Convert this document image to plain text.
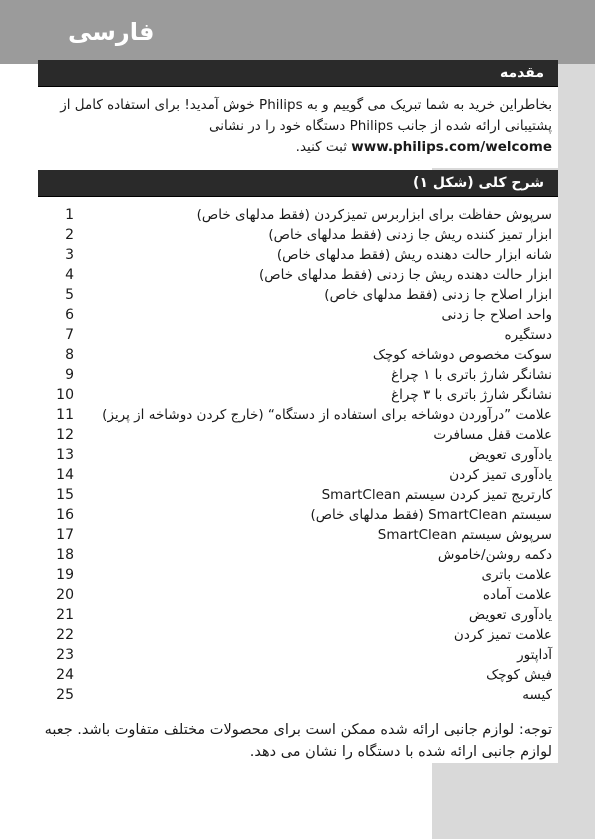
فارسی
مقدمه
بخاطراین خرید به شما تبریک می گوییم و به Philips خوش آمدید! برای استفاده کامل از پشتیبانی ارائه شده از جانب Philips دستگاه خود را در نشانی www.philips.com/welcome ثبت کنید.
شرح کلی (شکل ۱)
1	سرپوش حفاظت برای ابزاربرس تمیزکردن (فقط مدلهای خاص)
2	ابزار تمیز کننده ریش جا زدنی (فقط مدلهای خاص)
3	شانه ابزار حالت دهنده ریش (فقط مدلهای خاص)
4	ابزار حالت دهنده ریش جا زدنی (فقط مدلهای خاص)
5	ابزار اصلاح جا زدنی (فقط مدلهای خاص)
6	واحد اصلاح جا زدنی
7	دستگیره
8	سوکت مخصوص دوشاخه کوچک
9	نشانگر شارژ باتری با ۱ چراغ
10	نشانگر شارژ باتری با ۳ چراغ
11	علامت ”درآوردن دوشاخه برای استفاده از دستگاه“ (خارج کردن دوشاخه از پریز)
12	علامت قفل مسافرت
13	یادآوری تعویض
14	یادآوری تمیز کردن
15	کارتریج تمیز کردن سیستم SmartClean
16	سیستم SmartClean (فقط مدلهای خاص)
17	سرپوش سیستم SmartClean
18	دکمه روشن/خاموش
19	علامت باتری
20	علامت آماده
21	یادآوری تعویض
22	علامت تمیز کردن
23	آداپتور
24	فیش کوچک
25	کیسه
توجه: لوازم جانبی ارائه شده ممکن است برای محصولات مختلف متفاوت باشد. جعبه لوازم جانبی ارائه شده با دستگاه را نشان می دهد.
